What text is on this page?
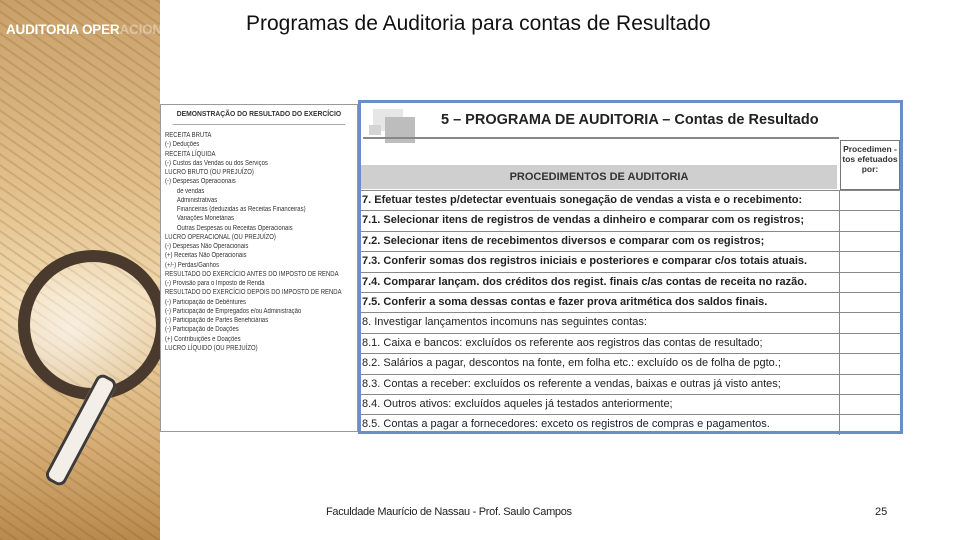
AUDITORIA OPERACIONAL	Programas de Auditoria para contas de Resultado
DEMONSTRAÇÃO DO RESULTADO DO EXERCÍCIO
RECEITA BRUTA
(-) Deduções
RECEITA LÍQUIDA
(-) Custos das Vendas ou dos Serviços
LUCRO BRUTO (OU PREJUÍZO)
(-) Despesas Operacionais
de vendas
Administrativas
Financeiras (deduzidas as Receitas Financeiras)
Variações Monetárias
Outras Despesas ou Receitas Operacionais
LUCRO OPERACIONAL (OU PREJUÍZO)
(-) Despesas Não Operacionais
(+) Receitas Não Operacionais
(+/-) Perdas/Ganhos
RESULTADO DO EXERCÍCIO ANTES DO IMPOSTO DE RENDA
(-) Provisão para o Imposto de Renda
RESULTADO DO EXERCÍCIO DEPOIS DO IMPOSTO DE RENDA
(-) Participação de Debêntures
(-) Participação de Empregados e/ou Administração
(-) Participação de Partes Beneficiárias
(-) Participação de Doações
(+) Contribuições e Doações
LUCRO LÍQUIDO (OU PREJUÍZO)
5 – PROGRAMA DE AUDITORIA – Contas de Resultado
Procedimen -tos efetuados por:
PROCEDIMENTOS DE AUDITORIA
7. Efetuar testes p/detectar eventuais sonegação de vendas a vista e o recebimento:
7.1. Selecionar itens de registros de vendas a dinheiro e comparar com os registros;
7.2. Selecionar itens de recebimentos diversos e comparar com os registros;
7.3. Conferir somas dos registros iniciais e posteriores e comparar c/os totais atuais.
7.4. Comparar lançam. dos créditos dos regist. finais c/as contas de receita no razão.
7.5. Conferir a soma dessas contas e fazer prova aritmética dos saldos finais.
8. Investigar lançamentos incomuns nas seguintes contas:
8.1. Caixa e bancos: excluídos os referente aos registros das contas de resultado;
8.2. Salários a pagar, descontos na fonte, em folha etc.: excluído os de folha de pgto.;
8.3. Contas a receber: excluídos os referente a vendas, baixas e outras já visto antes;
8.4. Outros ativos: excluídos aqueles já testados anteriormente;
8.5. Contas a pagar a fornecedores: exceto os registros de compras e pagamentos.
Faculdade Maurício de Nassau - Prof. Saulo Campos	25
